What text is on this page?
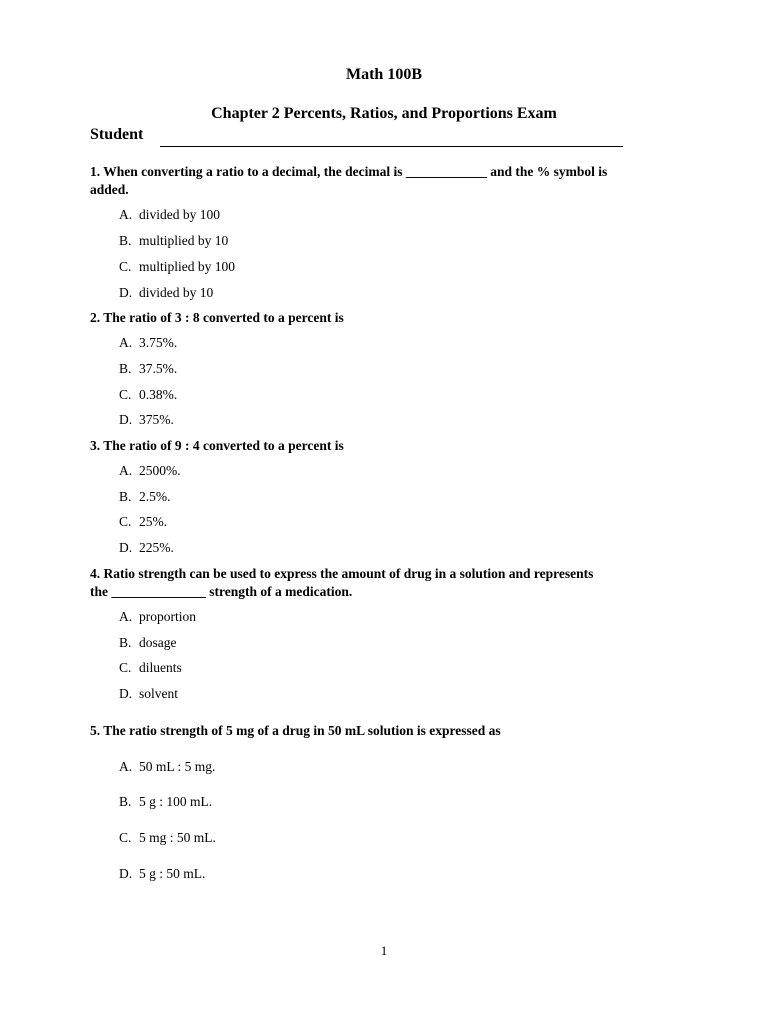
Math 100B
Chapter 2 Percents, Ratios, and Proportions Exam
Student
1. When converting a ratio to a decimal, the decimal is ____________ and the % symbol is
added.
A. divided by 100
B. multiplied by 10
C. multiplied by 100
D. divided by 10
2. The ratio of 3 : 8 converted to a percent is
A. 3.75%.
B. 37.5%.
C. 0.38%.
D. 375%.
3. The ratio of 9 : 4 converted to a percent is
A. 2500%.
B. 2.5%.
C. 25%.
D. 225%.
4. Ratio strength can be used to express the amount of drug in a solution and represents
the ______________ strength of a medication.
A. proportion
B. dosage
C. diluents
D. solvent
5. The ratio strength of 5 mg of a drug in 50 mL solution is expressed as
A. 50 mL : 5 mg.
B. 5 g : 100 mL.
C. 5 mg : 50 mL.
D. 5 g : 50 mL.
1
